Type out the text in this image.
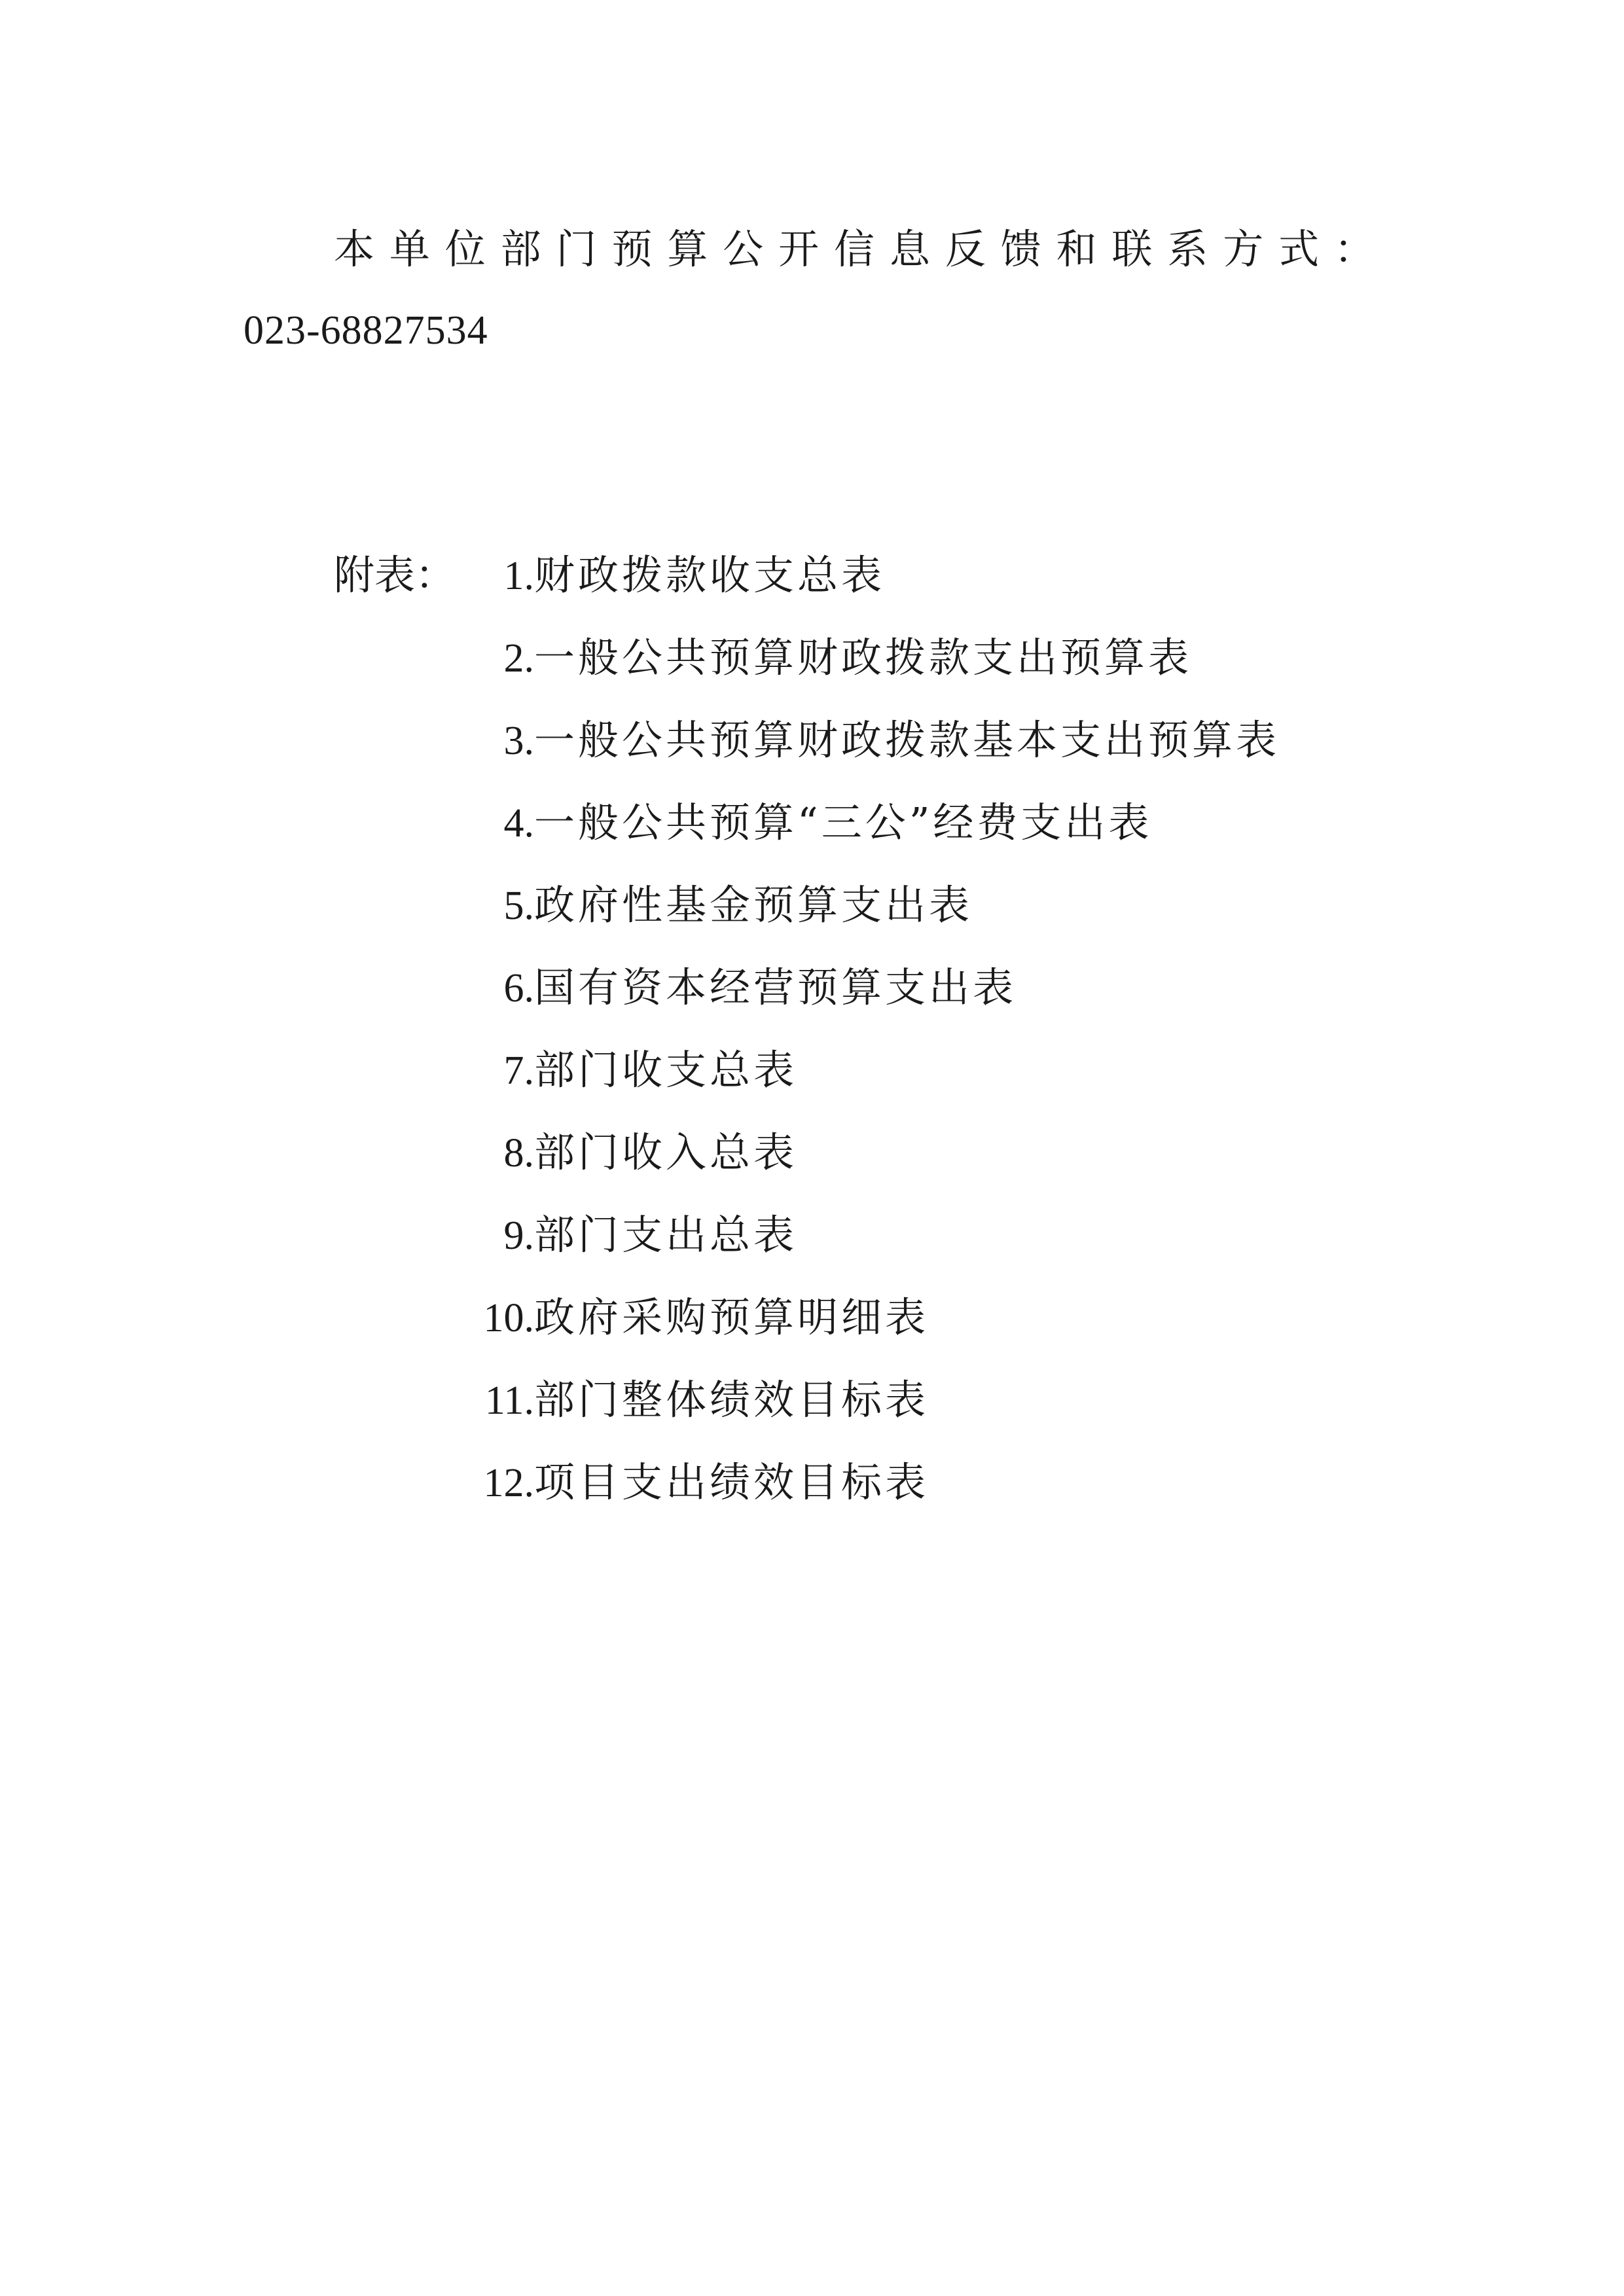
本单位部门预算公开信息反馈和联系方式：
023-68827534
附表：	1.财政拨款收支总表
2.一般公共预算财政拨款支出预算表
3.一般公共预算财政拨款基本支出预算表
4.一般公共预算“三公”经费支出表
5.政府性基金预算支出表
6.国有资本经营预算支出表
7.部门收支总表
8.部门收入总表
9.部门支出总表
10.政府采购预算明细表
11.部门整体绩效目标表
12.项目支出绩效目标表
